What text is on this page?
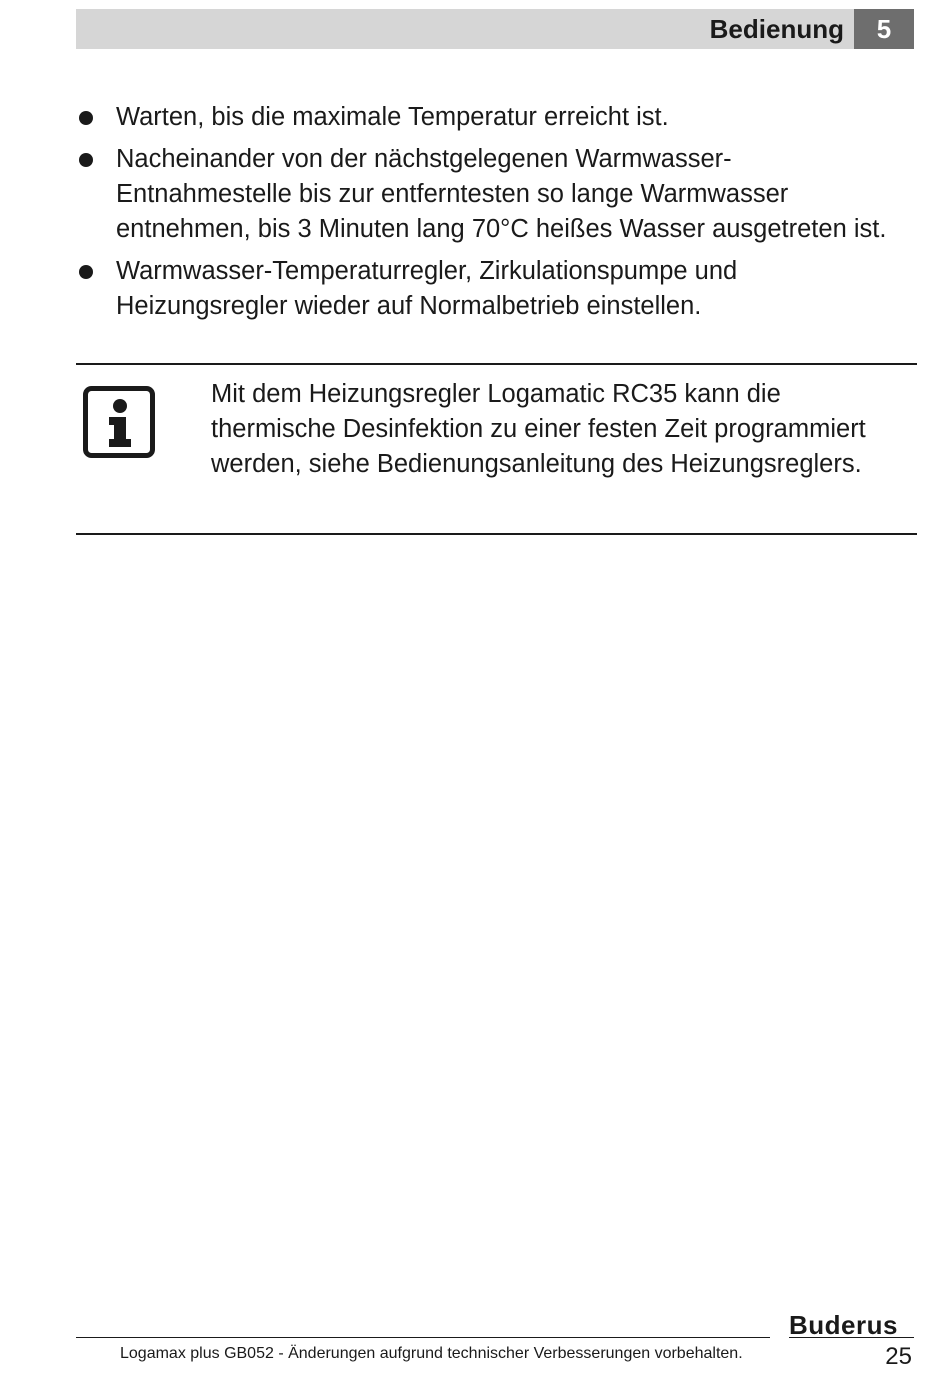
Bedienung	5
Warten, bis die maximale Temperatur erreicht ist.
Nacheinander von der nächstgelegenen Warmwasser-Entnahmestelle bis zur entferntesten so lange Warmwasser entnehmen, bis 3 Minuten lang 70°C heißes Wasser ausgetreten ist.
Warmwasser-Temperaturregler, Zirkulationspumpe und Heizungsregler wieder auf Normalbetrieb einstellen.
Mit dem Heizungsregler Logamatic RC35 kann die thermische Desinfektion zu einer festen Zeit programmiert werden, siehe Bedienungsanleitung des Heizungsreglers.
Buderus
Logamax plus GB052 - Änderungen aufgrund technischer Verbesserungen vorbehalten.	25
